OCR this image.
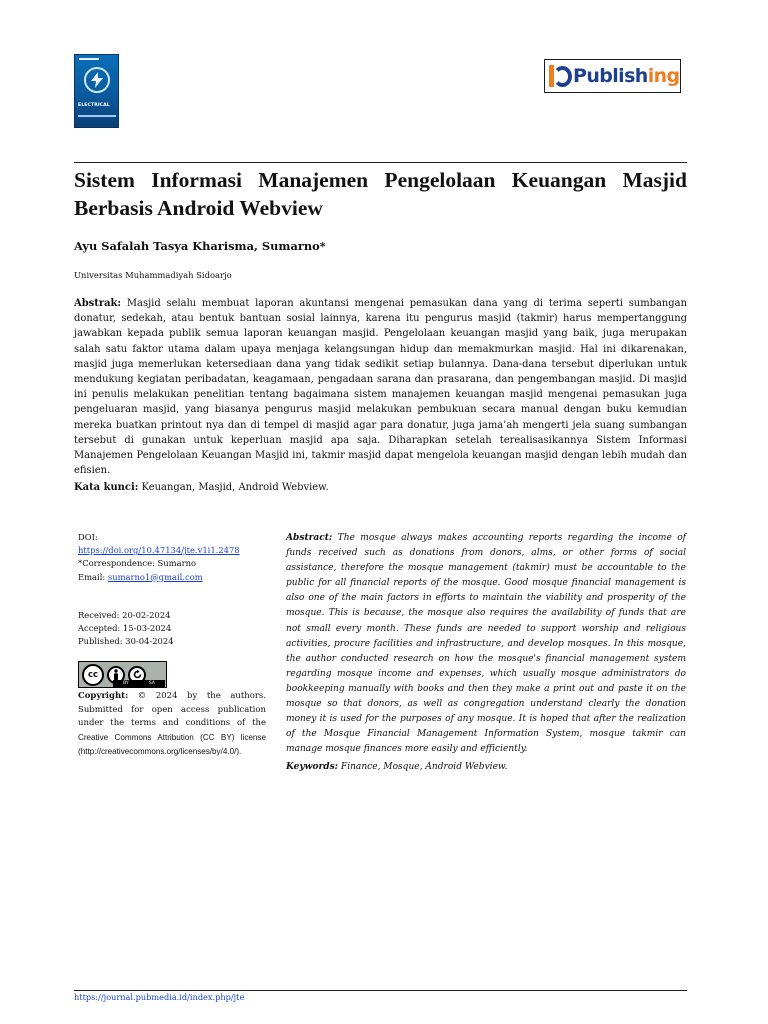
ELECTRICAL
Publishing
Sistem Informasi Manajemen Pengelolaan Keuangan Masjid Berbasis Android Webview
Ayu Safalah Tasya Kharisma, Sumarno*
Universitas Muhammadiyah Sidoarjo

Abstrak: Masjid selalu membuat laporan akuntansi mengenai pemasukan dana yang di terima seperti sumbangan donatur, sedekah, atau bentuk bantuan sosial lainnya, karena itu pengurus masjid (takmir) harus mempertanggung jawabkan kepada publik semua laporan keuangan masjid. Pengelolaan keuangan masjid yang baik, juga merupakan salah satu faktor utama dalam upaya menjaga kelangsungan hidup dan memakmurkan masjid. Hal ini dikarenakan, masjid juga memerlukan ketersediaan dana yang tidak sedikit setiap bulannya. Dana-dana tersebut diperlukan untuk mendukung kegiatan peribadatan, keagamaan, pengadaan sarana dan prasarana, dan pengembangan masjid. Di masjid ini penulis melakukan penelitian tentang bagaimana sistem manajemen keuangan masjid mengenai pemasukan juga pengeluaran masjid, yang biasanya pengurus masjid melakukan pembukuan secara manual dengan buku kemudian mereka buatkan printout nya dan di tempel di masjid agar para donatur, juga jama’ah mengerti jela suang sumbangan tersebut di gunakan untuk keperluan masjid apa saja. Diharapkan setelah terealisasikannya Sistem Informasi Manajemen Pengelolaan Keuangan Masjid ini, takmir masjid dapat mengelola keuangan masjid dengan lebih mudah dan efisien.

Kata kunci: Keuangan, Masjid, Android Webview.

DOI:
https://doi.org/10.47134/jte.v1i1.2478
*Correspondence: Sumarno
Email: sumarno1@gmail.com
Received: 20-02-2024
Accepted: 15-03-2024
Published: 30-04-2024
cc
BY	SA

Copyright: © 2024 by the authors. Submitted for open access publication under the terms and conditions of the Creative Commons Attribution (CC BY) license (http://creativecommons.org/licenses/by/4.0/).

Abstract: The mosque always makes accounting reports regarding the income of funds received such as donations from donors, alms, or other forms of social assistance, therefore the mosque management (takmir) must be accountable to the public for all financial reports of the mosque. Good mosque financial management is also one of the main factors in efforts to maintain the viability and prosperity of the mosque. This is because, the mosque also requires the availability of funds that are not small every month. These funds are needed to support worship and religious activities, procure facilities and infrastructure, and develop mosques. In this mosque, the author conducted research on how the mosque's financial management system regarding mosque income and expenses, which usually mosque administrators do bookkeeping manually with books and then they make a print out and paste it on the mosque so that donors, as well as congregation understand clearly the donation money it is used for the purposes of any mosque. It is hoped that after the realization of the Mosque Financial Management Information System, mosque takmir can manage mosque finances more easily and efficiently.

Keywords: Finance, Mosque, Android Webview.

https://journal.pubmedia.id/index.php/jte
